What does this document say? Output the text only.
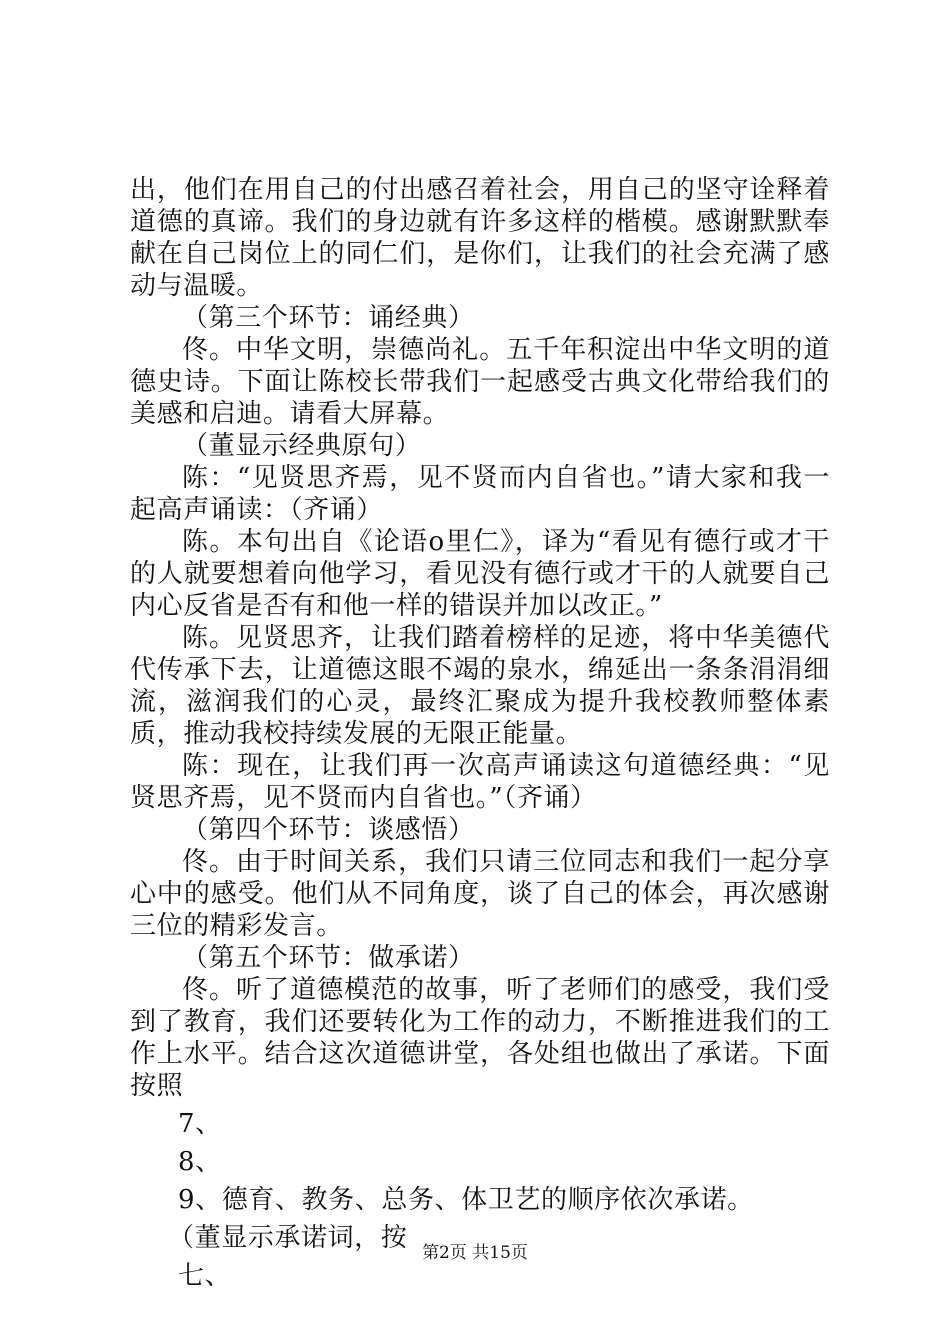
出，他们在用自己的付出感召着社会，用自己的坚守诠释着道德的真谛。我们的身边就有许多这样的楷模。感谢默默奉献在自己岗位上的同仁们，是你们，让我们的社会充满了感动与温暖。

（第三个环节：诵经典）

佟。中华文明，崇德尚礼。五千年积淀出中华文明的道德史诗。下面让陈校长带我们一起感受古典文化带给我们的美感和启迪。请看大屏幕。

（董显示经典原句）

陈：“见贤思齐焉，见不贤而内自省也。”请大家和我一起高声诵读：（齐诵）

陈。本句出自《论语o里仁》，译为“看见有德行或才干的人就要想着向他学习，看见没有德行或才干的人就要自己内心反省是否有和他一样的错误并加以改正。”

陈。见贤思齐，让我们踏着榜样的足迹，将中华美德代代传承下去，让道德这眼不竭的泉水，绵延出一条条涓涓细流，滋润我们的心灵，最终汇聚成为提升我校教师整体素质，推动我校持续发展的无限正能量。

陈：现在，让我们再一次高声诵读这句道德经典：“见贤思齐焉，见不贤而内自省也。”（齐诵）

（第四个环节：谈感悟）

佟。由于时间关系，我们只请三位同志和我们一起分享心中的感受。他们从不同角度，谈了自己的体会，再次感谢三位的精彩发言。

（第五个环节：做承诺）

佟。听了道德模范的故事，听了老师们的感受，我们受到了教育，我们还要转化为工作的动力，不断推进我们的工作上水平。结合这次道德讲堂，各处组也做出了承诺。下面按照

7、

8、

9、德育、教务、总务、体卫艺的顺序依次承诺。

（董显示承诺词，按

七、

第2页 共15页
